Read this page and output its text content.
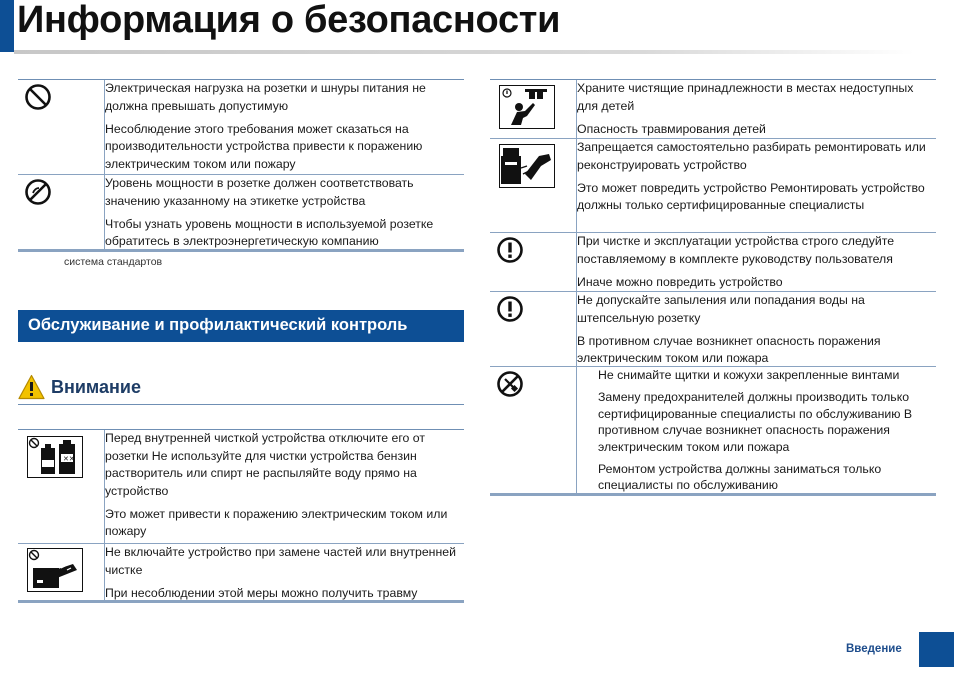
Информация о безопасности

Электрическая нагрузка на розетки и шнуры питания не должна превышать допустимую

Несоблюдение этого требования может сказаться на производительности устройства привести к поражению электрическим током или пожару

Уровень мощности в розетке должен соответствовать значению указанному на этикетке устройства

Чтобы узнать уровень мощности в используемой розетке обратитесь в электроэнергетическую компанию

система стандартов
Обслуживание и профилактический контроль
Внимание
✕✕

Перед внутренней чисткой устройства отключите его от розетки Не используйте для чистки устройства бензин растворитель или спирт не распыляйте воду прямо на устройство

Это может привести к поражению электрическим током или пожару

Не включайте устройство при замене частей или внутренней чистке

При несоблюдении этой меры можно получить травму

Храните чистящие принадлежности в местах недоступных для детей

Опасность травмирования детей

Запрещается самостоятельно разбирать ремонтировать или реконструировать устройство

Это может повредить устройство Ремонтировать устройство должны только сертифицированные специалисты

При чистке и эксплуатации устройства строго следуйте поставляемому в комплекте руководству пользователя

Иначе можно повредить устройство

Не допускайте запыления или попадания воды на штепсельную розетку

В противном случае возникнет опасность поражения электрическим током или пожара

Не снимайте щитки и кожухи закрепленные винтами

Замену предохранителей должны производить только сертифицированные специалисты по обслуживанию В противном случае возникнет опасность поражения электрическим током или пожара

Ремонтом устройства должны заниматься только специалисты по обслуживанию

Введение
